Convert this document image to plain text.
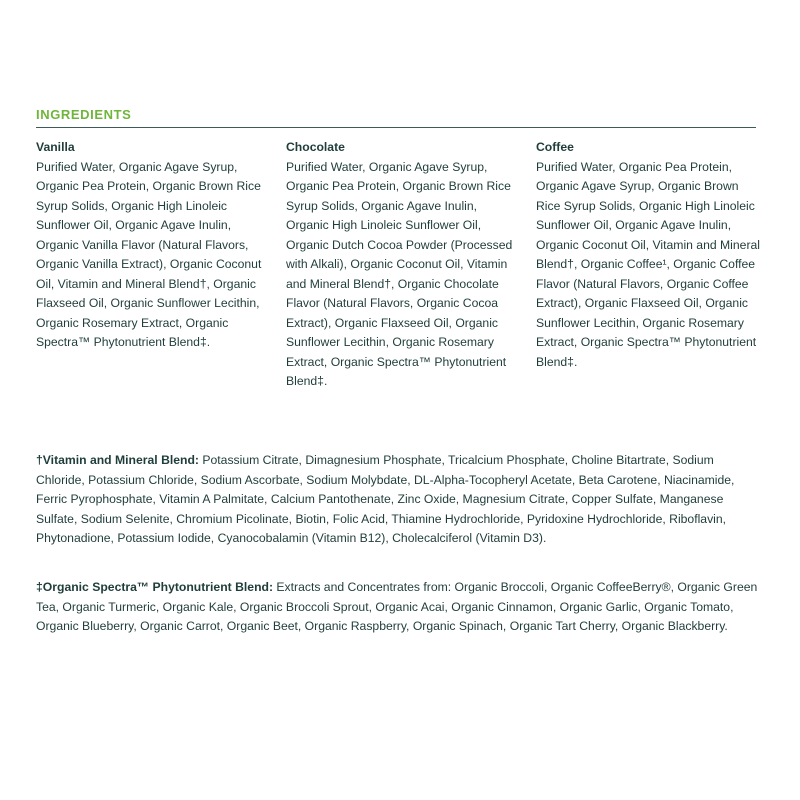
INGREDIENTS
Vanilla
Purified Water, Organic Agave Syrup, Organic Pea Protein, Organic Brown Rice Syrup Solids, Organic High Linoleic Sunflower Oil, Organic Agave Inulin, Organic Vanilla Flavor (Natural Flavors, Organic Vanilla Extract), Organic Coconut Oil, Vitamin and Mineral Blend†, Organic Flaxseed Oil, Organic Sunflower Lecithin, Organic Rosemary Extract, Organic Spectra™ Phytonutrient Blend‡.
Chocolate
Purified Water, Organic Agave Syrup, Organic Pea Protein, Organic Brown Rice Syrup Solids, Organic Agave Inulin, Organic High Linoleic Sunflower Oil, Organic Dutch Cocoa Powder (Processed with Alkali), Organic Coconut Oil, Vitamin and Mineral Blend†, Organic Chocolate Flavor (Natural Flavors, Organic Cocoa Extract), Organic Flaxseed Oil, Organic Sunflower Lecithin, Organic Rosemary Extract, Organic Spectra™ Phytonutrient Blend‡.
Coffee
Purified Water, Organic Pea Protein, Organic Agave Syrup, Organic Brown Rice Syrup Solids, Organic High Linoleic Sunflower Oil, Organic Agave Inulin, Organic Coconut Oil, Vitamin and Mineral Blend†, Organic Coffee¹, Organic Coffee Flavor (Natural Flavors, Organic Coffee Extract), Organic Flaxseed Oil, Organic Sunflower Lecithin, Organic Rosemary Extract, Organic Spectra™ Phytonutrient Blend‡.
†Vitamin and Mineral Blend: Potassium Citrate, Dimagnesium Phosphate, Tricalcium Phosphate, Choline Bitartrate, Sodium Chloride, Potassium Chloride, Sodium Ascorbate, Sodium Molybdate, DL-Alpha-Tocopheryl Acetate, Beta Carotene, Niacinamide, Ferric Pyrophosphate, Vitamin A Palmitate, Calcium Pantothenate, Zinc Oxide, Magnesium Citrate, Copper Sulfate, Manganese Sulfate, Sodium Selenite, Chromium Picolinate, Biotin, Folic Acid, Thiamine Hydrochloride, Pyridoxine Hydrochloride, Riboflavin, Phytonadione, Potassium Iodide, Cyanocobalamin (Vitamin B12), Cholecalciferol (Vitamin D3).
‡Organic Spectra™ Phytonutrient Blend: Extracts and Concentrates from: Organic Broccoli, Organic CoffeeBerry®, Organic Green Tea, Organic Turmeric, Organic Kale, Organic Broccoli Sprout, Organic Acai, Organic Cinnamon, Organic Garlic, Organic Tomato, Organic Blueberry, Organic Carrot, Organic Beet, Organic Raspberry, Organic Spinach, Organic Tart Cherry, Organic Blackberry.
